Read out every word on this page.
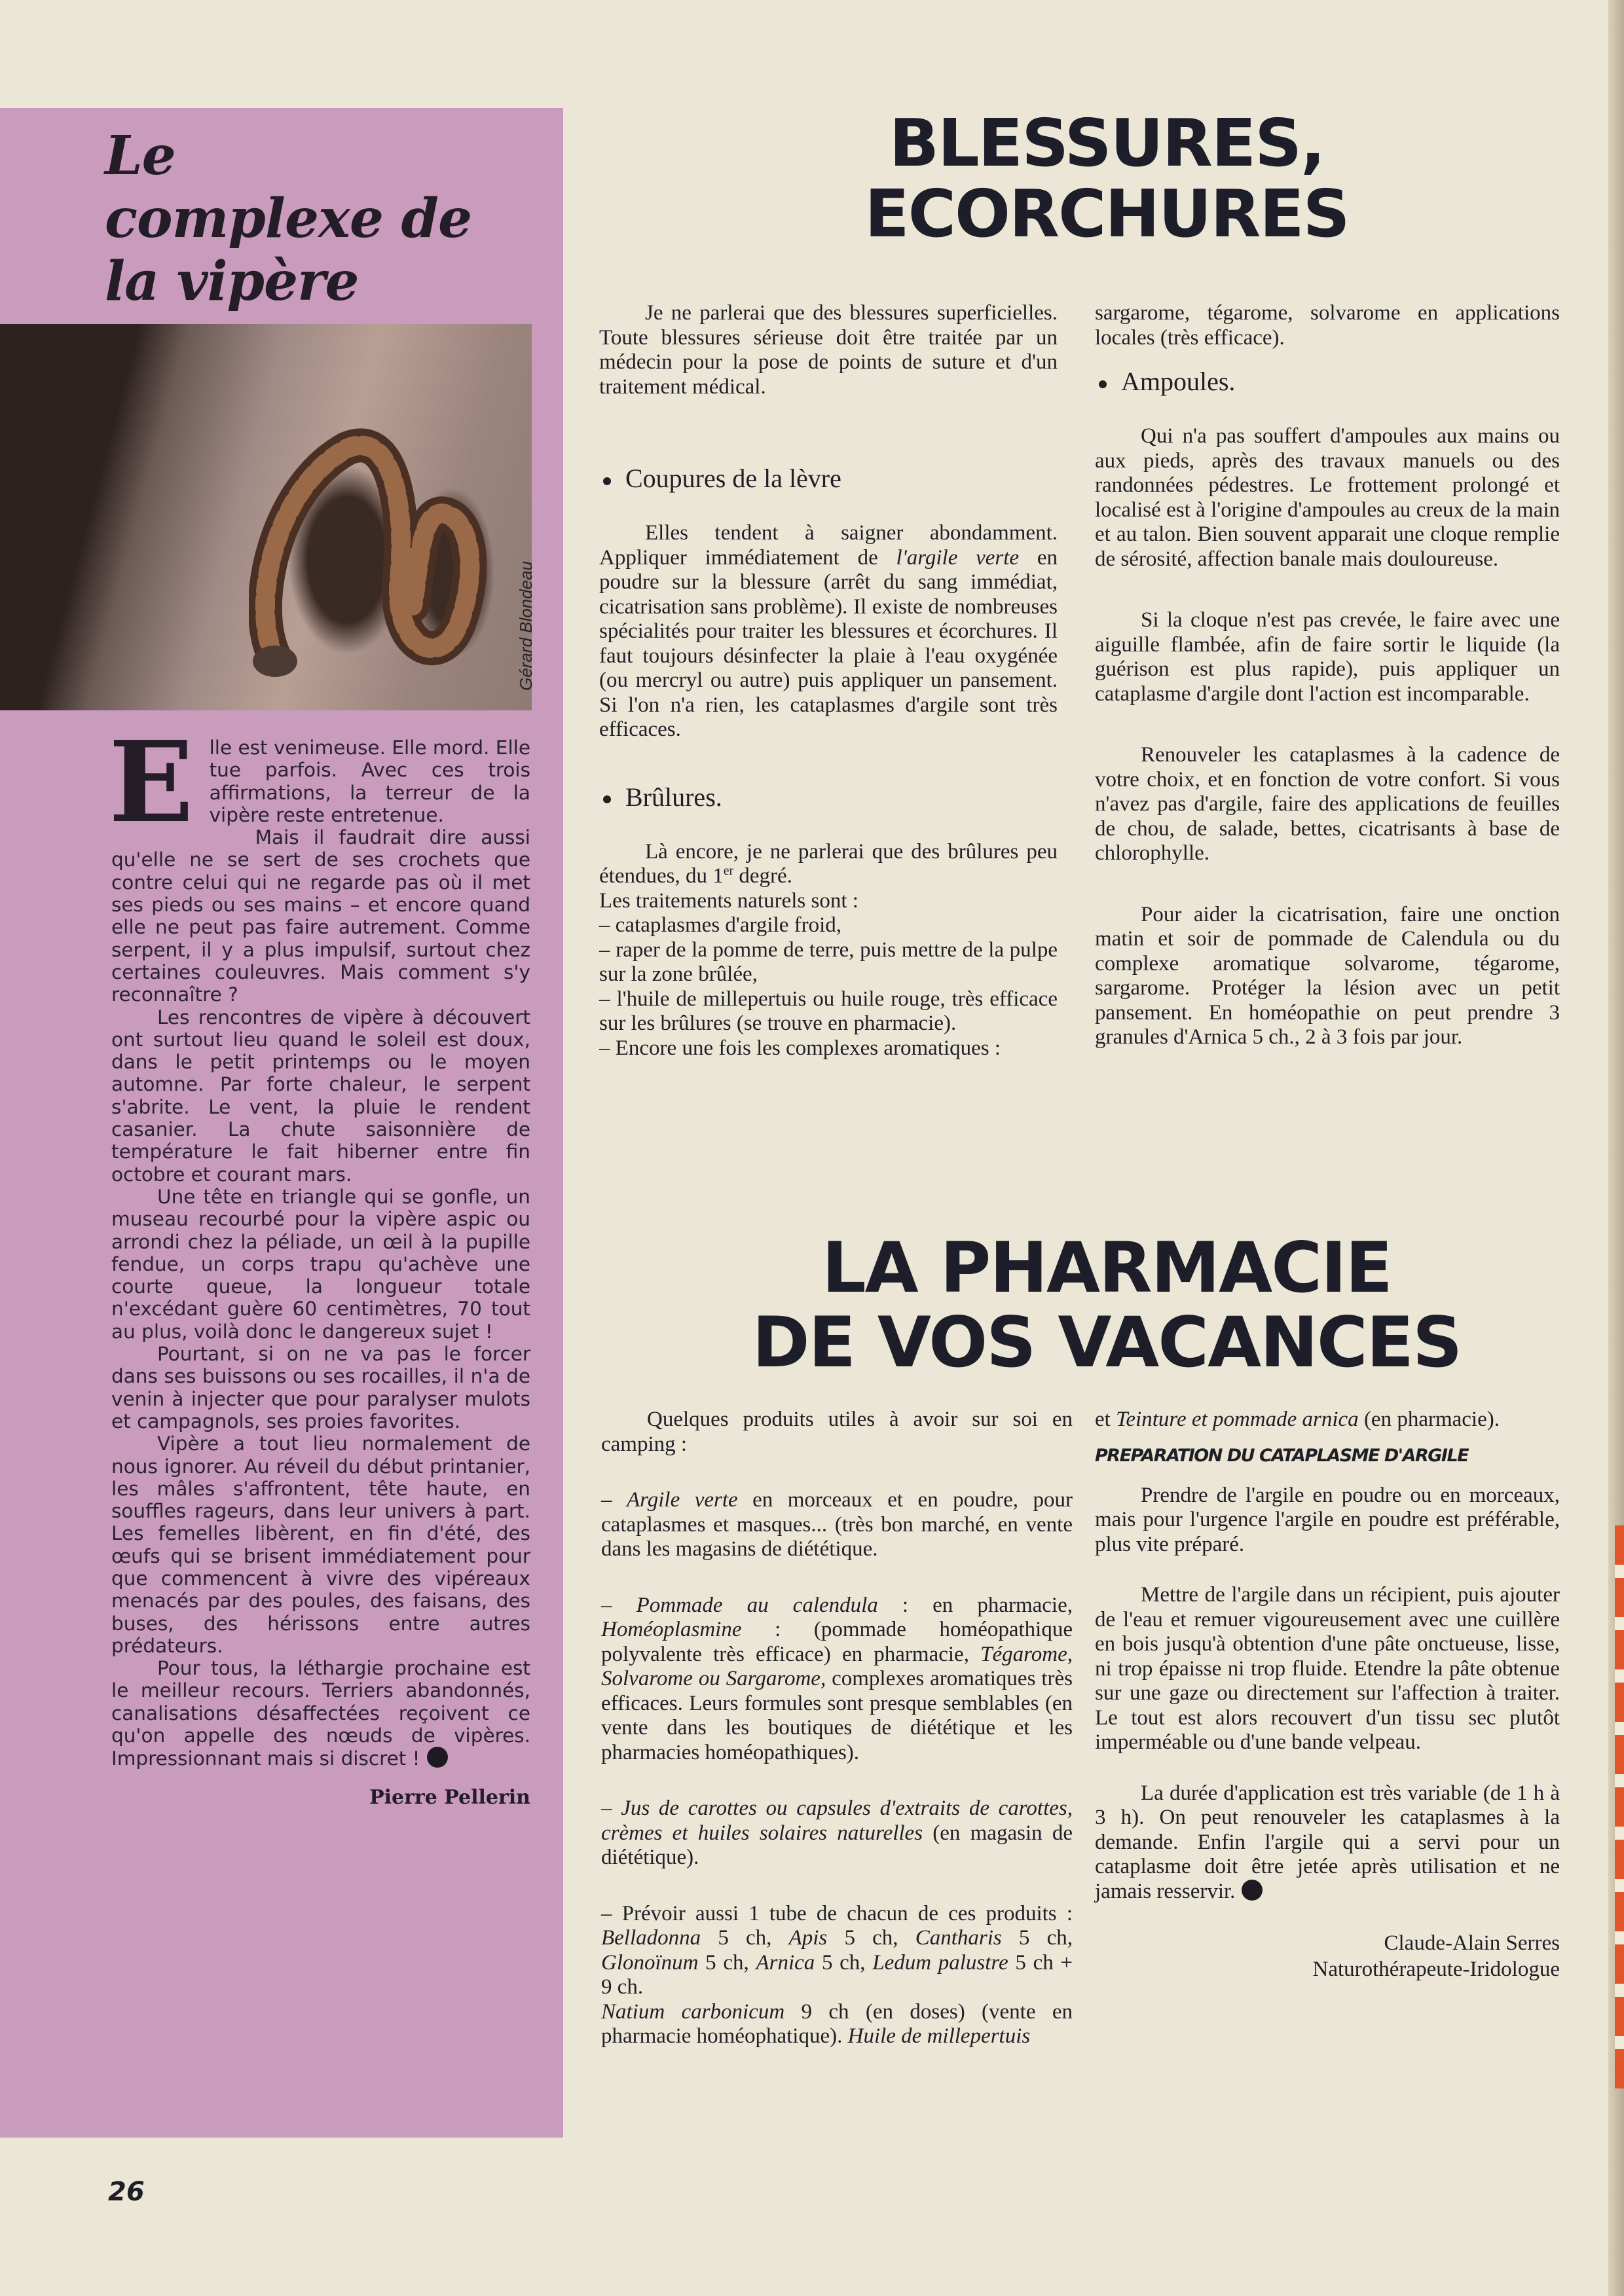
Le
complexe de
la vipère
Gérard Blondeau

Elle est venimeuse. Elle mord. Elle tue parfois. Avec ces trois affirmations, la terreur de la vipère reste entretenue.

Mais il faudrait dire aussi qu'elle ne se sert de ses crochets que contre celui qui ne regarde pas où il met ses pieds ou ses mains – et encore quand elle ne peut pas faire autrement. Comme serpent, il y a plus impulsif, surtout chez certaines couleuvres. Mais comment s'y reconnaître ?

Les rencontres de vipère à découvert ont surtout lieu quand le soleil est doux, dans le petit printemps ou le moyen automne. Par forte chaleur, le serpent s'abrite. Le vent, la pluie le rendent casanier. La chute saisonnière de température le fait hiberner entre fin octobre et courant mars.

Une tête en triangle qui se gonfle, un museau recourbé pour la vipère aspic ou arrondi chez la péliade, un œil à la pupille fendue, un corps trapu qu'achève une courte queue, la longueur totale n'excédant guère 60 centimètres, 70 tout au plus, voilà donc le dangereux sujet !

Pourtant, si on ne va pas le forcer dans ses buissons ou ses rocailles, il n'a de venin à injecter que pour paralyser mulots et campagnols, ses proies favorites.

Vipère a tout lieu normalement de nous ignorer. Au réveil du début printanier, les mâles s'affrontent, tête haute, en souffles rageurs, dans leur univers à part. Les femelles libèrent, en fin d'été, des œufs qui se brisent immédiatement pour que commencent à vivre des vipéreaux menacés par des poules, des faisans, des buses, des hérissons entre autres prédateurs.

Pour tous, la léthargie prochaine est le meilleur recours. Terriers abandonnés, canalisations désaffectées reçoivent ce qu'on appelle des nœuds de vipères. Impressionnant mais si discret !

Pierre Pellerin
26
BLESSURES,
ECORCHURES

Je ne parlerai que des blessures superficielles. Toute blessures sérieuse doit être traitée par un médecin pour la pose de points de suture et d'un traitement médical.

Coupures de la lèvre

Elles tendent à saigner abondamment. Appliquer immédiatement de l'argile verte en poudre sur la blessure (arrêt du sang immédiat, cicatrisation sans problème). Il existe de nombreuses spécialités pour traiter les blessures et écorchures. Il faut toujours désinfecter la plaie à l'eau oxygénée (ou mercryl ou autre) puis appliquer un pansement. Si l'on n'a rien, les cataplasmes d'argile sont très efficaces.

Brûlures.

Là encore, je ne parlerai que des brûlures peu étendues, du 1er degré.

Les traitements naturels sont :

– cataplasmes d'argile froid,

– raper de la pomme de terre, puis mettre de la pulpe sur la zone brûlée,

– l'huile de millepertuis ou huile rouge, très efficace sur les brûlures (se trouve en pharmacie).

– Encore une fois les complexes aromatiques :

sargarome, tégarome, solvarome en applications locales (très efficace).

Ampoules.

Qui n'a pas souffert d'ampoules aux mains ou aux pieds, après des travaux manuels ou des randonnées pédestres. Le frottement prolongé et localisé est à l'origine d'ampoules au creux de la main et au talon. Bien souvent apparait une cloque remplie de sérosité, affection banale mais douloureuse.

Si la cloque n'est pas crevée, le faire avec une aiguille flambée, afin de faire sortir le liquide (la guérison est plus rapide), puis appliquer un cataplasme d'argile dont l'action est incomparable.

Renouveler les cataplasmes à la cadence de votre choix, et en fonction de votre confort. Si vous n'avez pas d'argile, faire des applications de feuilles de chou, de salade, bettes, cicatrisants à base de chlorophylle.

Pour aider la cicatrisation, faire une onction matin et soir de pommade de Calendula ou du complexe aromatique solvarome, tégarome, sargarome. Protéger la lésion avec un petit pansement. En homéopathie on peut prendre 3 granules d'Arnica 5 ch., 2 à 3 fois par jour.

LA PHARMACIE
DE VOS VACANCES

Quelques produits utiles à avoir sur soi en camping :

– Argile verte en morceaux et en poudre, pour cataplasmes et masques... (très bon marché, en vente dans les magasins de diététique.

– Pommade au calendula : en pharmacie, Homéoplasmine : (pommade homéopathique polyvalente très efficace) en pharmacie, Tégarome, Solvarome ou Sargarome, complexes aromatiques très efficaces. Leurs formules sont presque semblables (en vente dans les boutiques de diététique et les pharmacies homéopathiques).

– Jus de carottes ou capsules d'extraits de carottes, crèmes et huiles solaires naturelles (en magasin de diététique).

– Prévoir aussi 1 tube de chacun de ces produits : Belladonna 5 ch, Apis 5 ch, Cantharis 5 ch, Glonoïnum 5 ch, Arnica 5 ch, Ledum palustre 5 ch + 9 ch.

Natium carbonicum 9 ch (en doses) (vente en pharmacie homéophatique). Huile de millepertuis

et Teinture et pommade arnica (en pharmacie).

PREPARATION DU CATAPLASME D'ARGILE

Prendre de l'argile en poudre ou en morceaux, mais pour l'urgence l'argile en poudre est préférable, plus vite préparé.

Mettre de l'argile dans un récipient, puis ajouter de l'eau et remuer vigoureusement avec une cuillère en bois jusqu'à obtention d'une pâte onctueuse, lisse, ni trop épaisse ni trop fluide. Etendre la pâte obtenue sur une gaze ou directement sur l'affection à traiter. Le tout est alors recouvert d'un tissu sec plutôt imperméable ou d'une bande velpeau.

La durée d'application est très variable (de 1 h à 3 h). On peut renouveler les cataplasmes à la demande. Enfin l'argile qui a servi pour un cataplasme doit être jetée après utilisation et ne jamais resservir.

Claude-Alain Serres
Naturothérapeute-Iridologue
